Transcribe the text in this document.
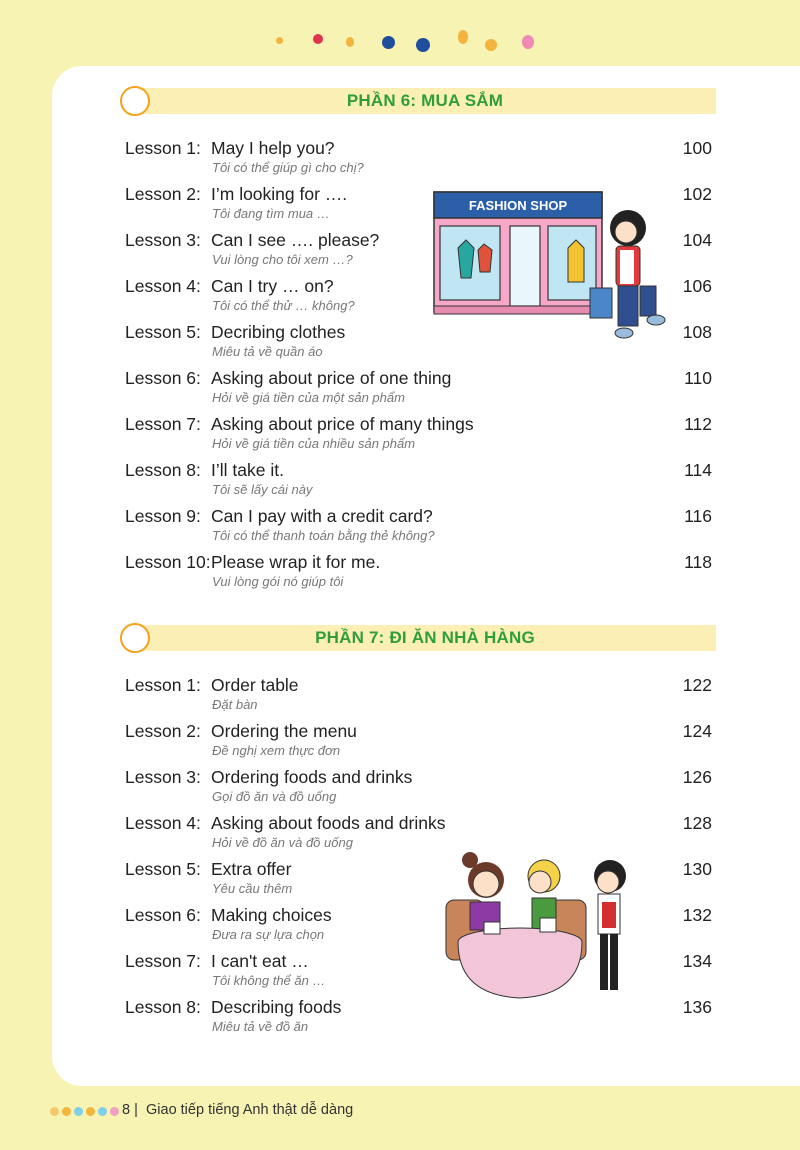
PHẦN 6: MUA SẮM
Lesson 1: May I help you?
Tôi có thể giúp gì cho chị?
100
Lesson 2: I’m looking for ….
Tôi đang tìm mua …
102
Lesson 3: Can I see …. please?
Vui lòng cho tôi xem …?
104
Lesson 4: Can I try … on?
Tôi có thể thử … không?
106
Lesson 5: Decribing clothes
Miêu tả về quần áo
108
Lesson 6: Asking about price of one thing
Hỏi về giá tiền của một sản phẩm
110
Lesson 7: Asking about price of many things
Hỏi về giá tiền của nhiều sản phẩm
112
Lesson 8: I’ll take it.
Tôi sẽ lấy cái này
114
Lesson 9: Can I pay with a credit card?
Tôi có thể thanh toán bằng thẻ không?
116
Lesson 10: Please wrap it for me.
Vui lòng gói nó giúp tôi
118
Lesson 1: Order table
Đặt bàn
122
Lesson 2: Ordering the menu
Đề nghị xem thực đơn
124
Lesson 3: Ordering foods and drinks
Gọi đồ ăn và đồ uống
126
Lesson 4: Asking about foods and drinks
Hỏi về đồ ăn và đồ uống
128
Lesson 5: Extra offer
Yêu cầu thêm
130
Lesson 6: Making choices
Đưa ra sự lựa chọn
132
Lesson 7: I can't eat …
Tôi không thể ăn …
134
Lesson 8: Describing foods
Miêu tả về đồ ăn
136
FASHION SHOP
PHẦN 7: ĐI ĂN NHÀ HÀNG
8 | Giao tiếp tiếng Anh thật dễ dàng
